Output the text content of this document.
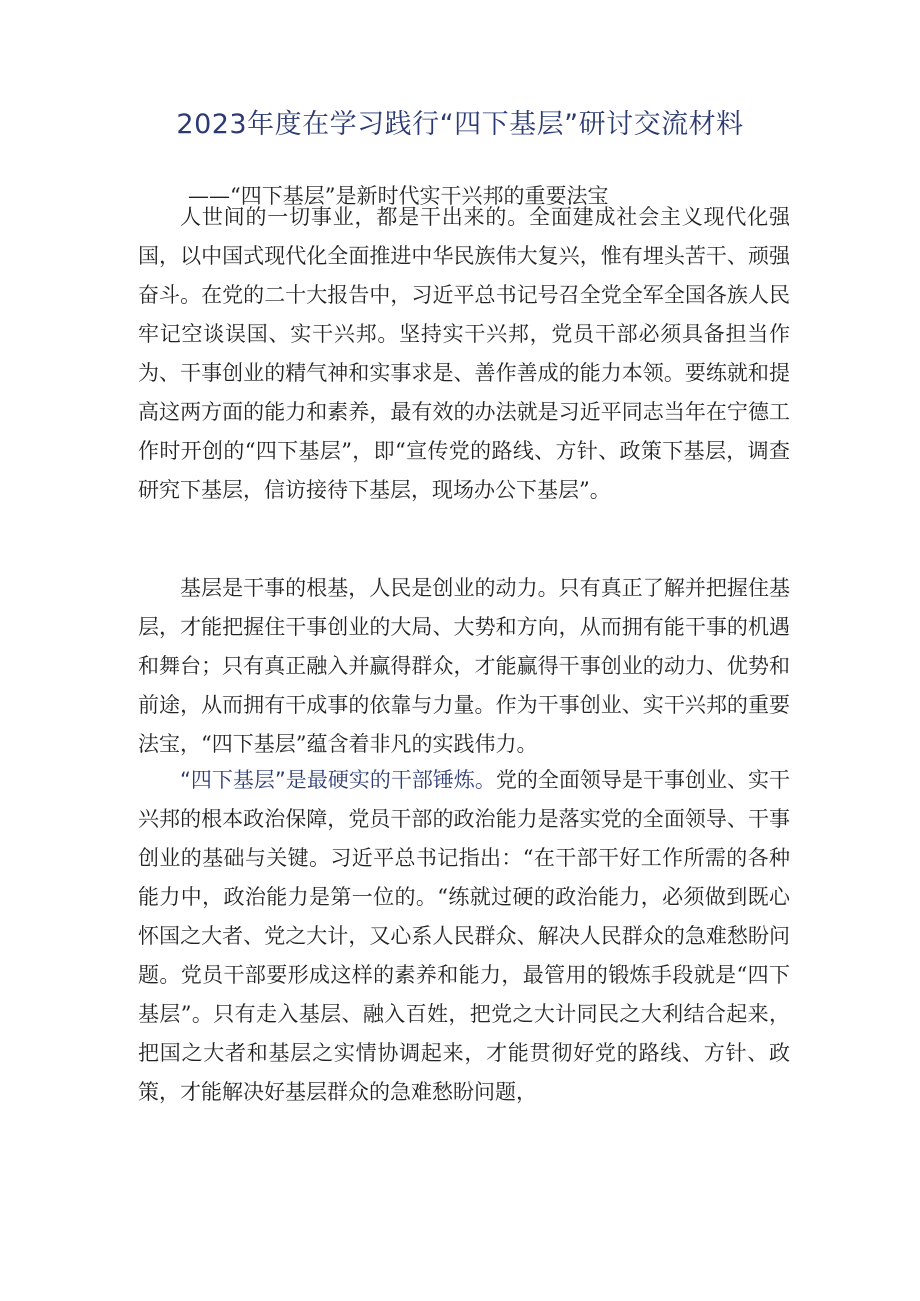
2023年度在学习践行“四下基层”研讨交流材料
——“四下基层”是新时代实干兴邦的重要法宝

人世间的一切事业，都是干出来的。全面建成社会主义现代化强国，以中国式现代化全面推进中华民族伟大复兴，惟有埋头苦干、顽强奋斗。在党的二十大报告中，习近平总书记号召全党全军全国各族人民牢记空谈误国、实干兴邦。坚持实干兴邦，党员干部必须具备担当作为、干事创业的精气神和实事求是、善作善成的能力本领。要练就和提高这两方面的能力和素养，最有效的办法就是习近平同志当年在宁德工作时开创的“四下基层”，即“宣传党的路线、方针、政策下基层，调查研究下基层，信访接待下基层，现场办公下基层”。

基层是干事的根基，人民是创业的动力。只有真正了解并把握住基层，才能把握住干事创业的大局、大势和方向，从而拥有能干事的机遇和舞台；只有真正融入并赢得群众，才能赢得干事创业的动力、优势和前途，从而拥有干成事的依靠与力量。作为干事创业、实干兴邦的重要法宝，“四下基层”蕴含着非凡的实践伟力。

“四下基层”是最硬实的干部锤炼。党的全面领导是干事创业、实干兴邦的根本政治保障，党员干部的政治能力是落实党的全面领导、干事创业的基础与关键。习近平总书记指出：“在干部干好工作所需的各种能力中，政治能力是第一位的。“练就过硬的政治能力，必须做到既心怀国之大者、党之大计，又心系人民群众、解决人民群众的急难愁盼问题。党员干部要形成这样的素养和能力，最管用的锻炼手段就是“四下基层”。只有走入基层、融入百姓，把党之大计同民之大利结合起来，把国之大者和基层之实情协调起来，才能贯彻好党的路线、方针、政策，才能解决好基层群众的急难愁盼问题，
